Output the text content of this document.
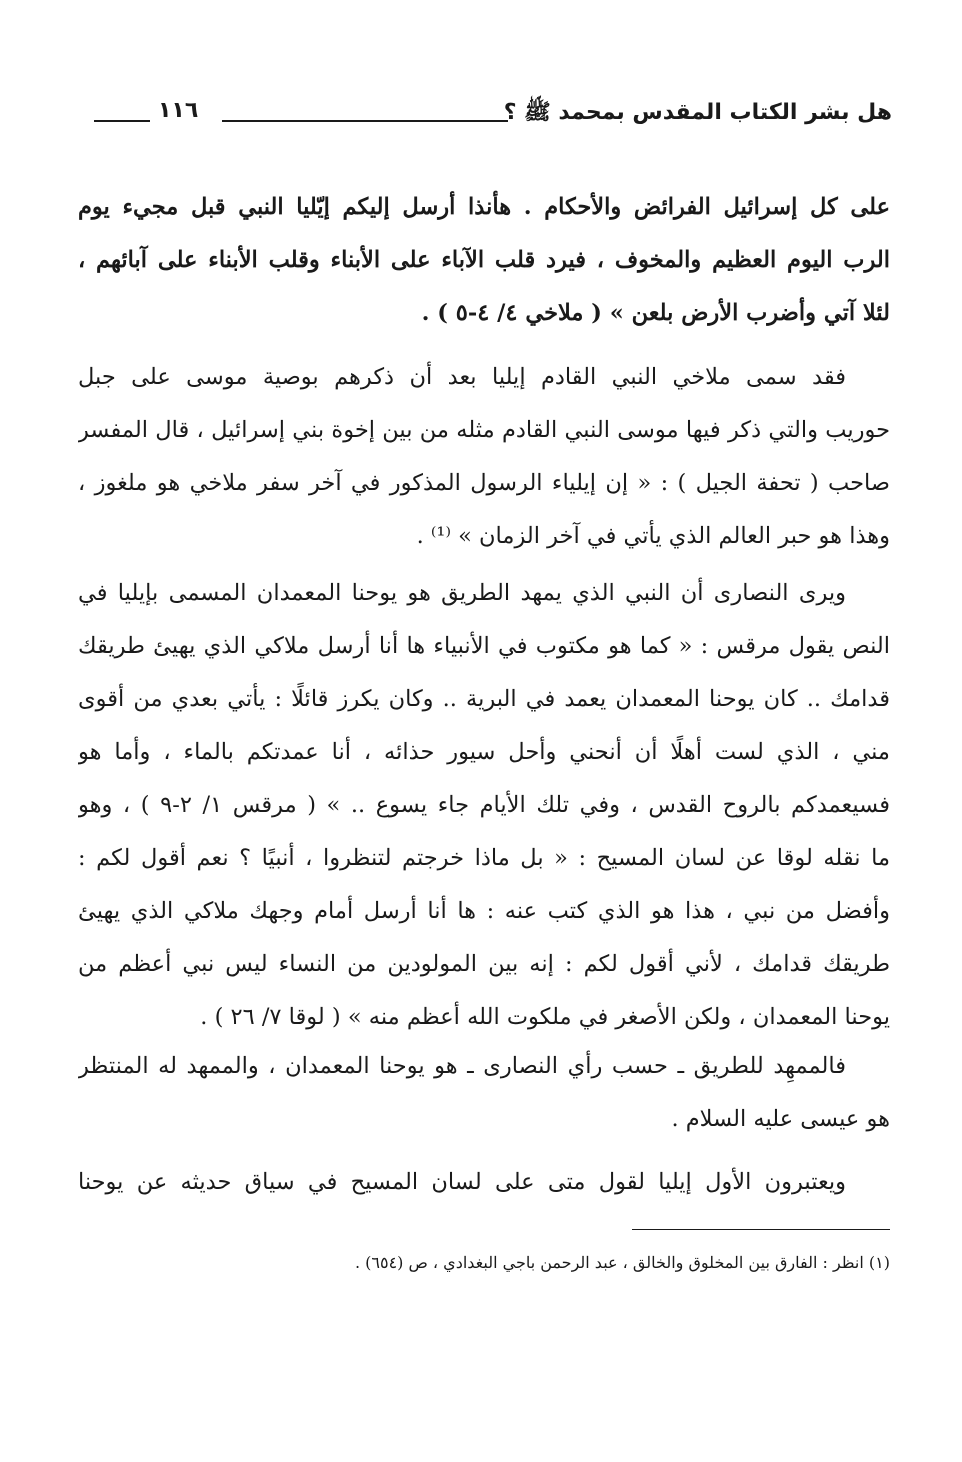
هل بشر الكتاب المقدس بمحمد ﷺ ؟
١١٦
على كل إسرائيل الفرائض والأحكام . هأنذا أرسل إليكم إيّليا النبي قبل مجيء يوم
الرب اليوم العظيم والمخوف ، فيرد قلب الآباء على الأبناء وقلب الأبناء على آبائهم ،
لئلا آتي وأضرب الأرض بلعن » ( ملاخي ٤/ ٤-٥ ) .
فقد سمى ملاخي النبي القادم إيليا بعد أن ذكرهم بوصية موسى على جبل
حوريب والتي ذكر فيها موسى النبي القادم مثله من بين إخوة بني إسرائيل ، قال المفسر
صاحب ( تحفة الجيل ) : « إن إيلياء الرسول المذكور في آخر سفر ملاخي هو ملغوز ،
وهذا هو حبر العالم الذي يأتي في آخر الزمان » ⁽¹⁾ .
ويرى النصارى أن النبي الذي يمهد الطريق هو يوحنا المعمدان المسمى بإيليا في
النص يقول مرقس : « كما هو مكتوب في الأنبياء ها أنا أرسل ملاكي الذي يهيئ طريقك
قدامك .. كان يوحنا المعمدان يعمد في البرية .. وكان يكرز قائلًا : يأتي بعدي من أقوى
مني ، الذي لست أهلًا أن أنحني وأحل سيور حذائه ، أنا عمدتكم بالماء ، وأما هو
فسيعمدكم بالروح القدس ، وفي تلك الأيام جاء يسوع .. » ( مرقس ١/ ٢-٩ ) ، وهو
ما نقله لوقا عن لسان المسيح : « بل ماذا خرجتم لتنظروا ، أنبيًا ؟ نعم أقول لكم :
وأفضل من نبي ، هذا هو الذي كتب عنه : ها أنا أرسل أمام وجهك ملاكي الذي يهيئ
طريقك قدامك ، لأني أقول لكم : إنه بين المولودين من النساء ليس نبي أعظم من
يوحنا المعمدان ، ولكن الأصغر في ملكوت الله أعظم منه » ( لوقا ٧/ ٢٦ ) .
فالممهِد للطريق ـ حسب رأي النصارى ـ هو يوحنا المعمدان ، والممهد له المنتظر
هو عيسى عليه السلام .
ويعتبرون الأول إيليا لقول متى على لسان المسيح في سياق حديثه عن يوحنا
(١) انظر : الفارق بين المخلوق والخالق ، عبد الرحمن باجي البغدادي ، ص (٦٥٤) .
